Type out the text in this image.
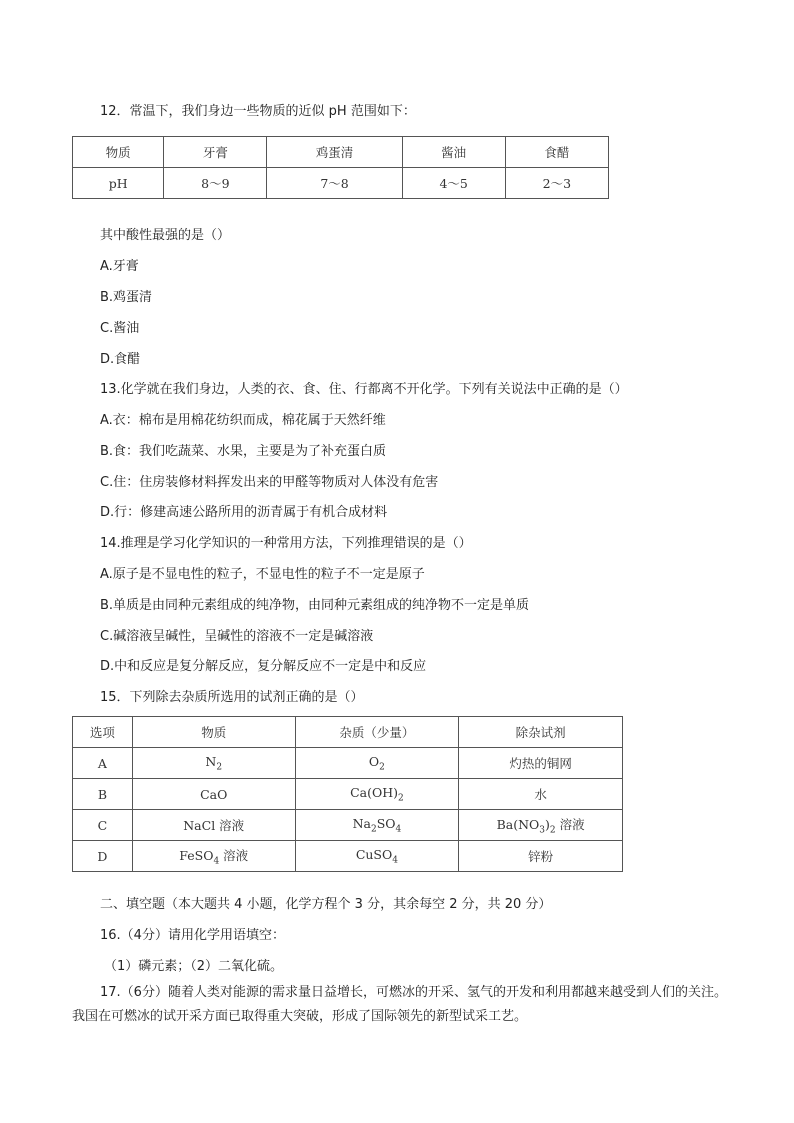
12．常温下，我们身边一些物质的近似 pH 范围如下：
物质	牙膏	鸡蛋清	酱油	食醋
pH	8～9	7～8	4～5	2～3
其中酸性最强的是（）
A.牙膏
B.鸡蛋清
C.酱油
D.食醋
13.化学就在我们身边，人类的衣、食、住、行都离不开化学。下列有关说法中正确的是（）
A.衣：棉布是用棉花纺织而成，棉花属于天然纤维
B.食：我们吃蔬菜、水果，主要是为了补充蛋白质
C.住：住房装修材料挥发出来的甲醛等物质对人体没有危害
D.行：修建高速公路所用的沥青属于有机合成材料
14.推理是学习化学知识的一种常用方法，下列推理错误的是（）
A.原子是不显电性的粒子，不显电性的粒子不一定是原子
B.单质是由同种元素组成的纯净物，由同种元素组成的纯净物不一定是单质
C.碱溶液呈碱性，呈碱性的溶液不一定是碱溶液
D.中和反应是复分解反应，复分解反应不一定是中和反应
15．下列除去杂质所选用的试剂正确的是（）
选项	物质	杂质（少量）	除杂试剂
A	$N_2$	$O_2$	灼热的铜网
B	CaO	$Ca(OH)_2$	水
C	NaCl 溶液	$Na_2SO_4$	$Ba(NO_3)_2$ 溶液
D	FeSO$_4$ 溶液	CuSO$_4$	锌粉
二、填空题（本大题共 4 小题，化学方程个 3 分，其余每空 2 分，共 20 分）
16.（4分）请用化学用语填空：
（1）磷元素；（2）二氧化硫。
17.（6分）随着人类对能源的需求量日益增长，可燃冰的开采、氢气的开发和利用都越来越受到人们的关注。我国在可燃冰的试开采方面已取得重大突破，形成了国际领先的新型试采工艺。
